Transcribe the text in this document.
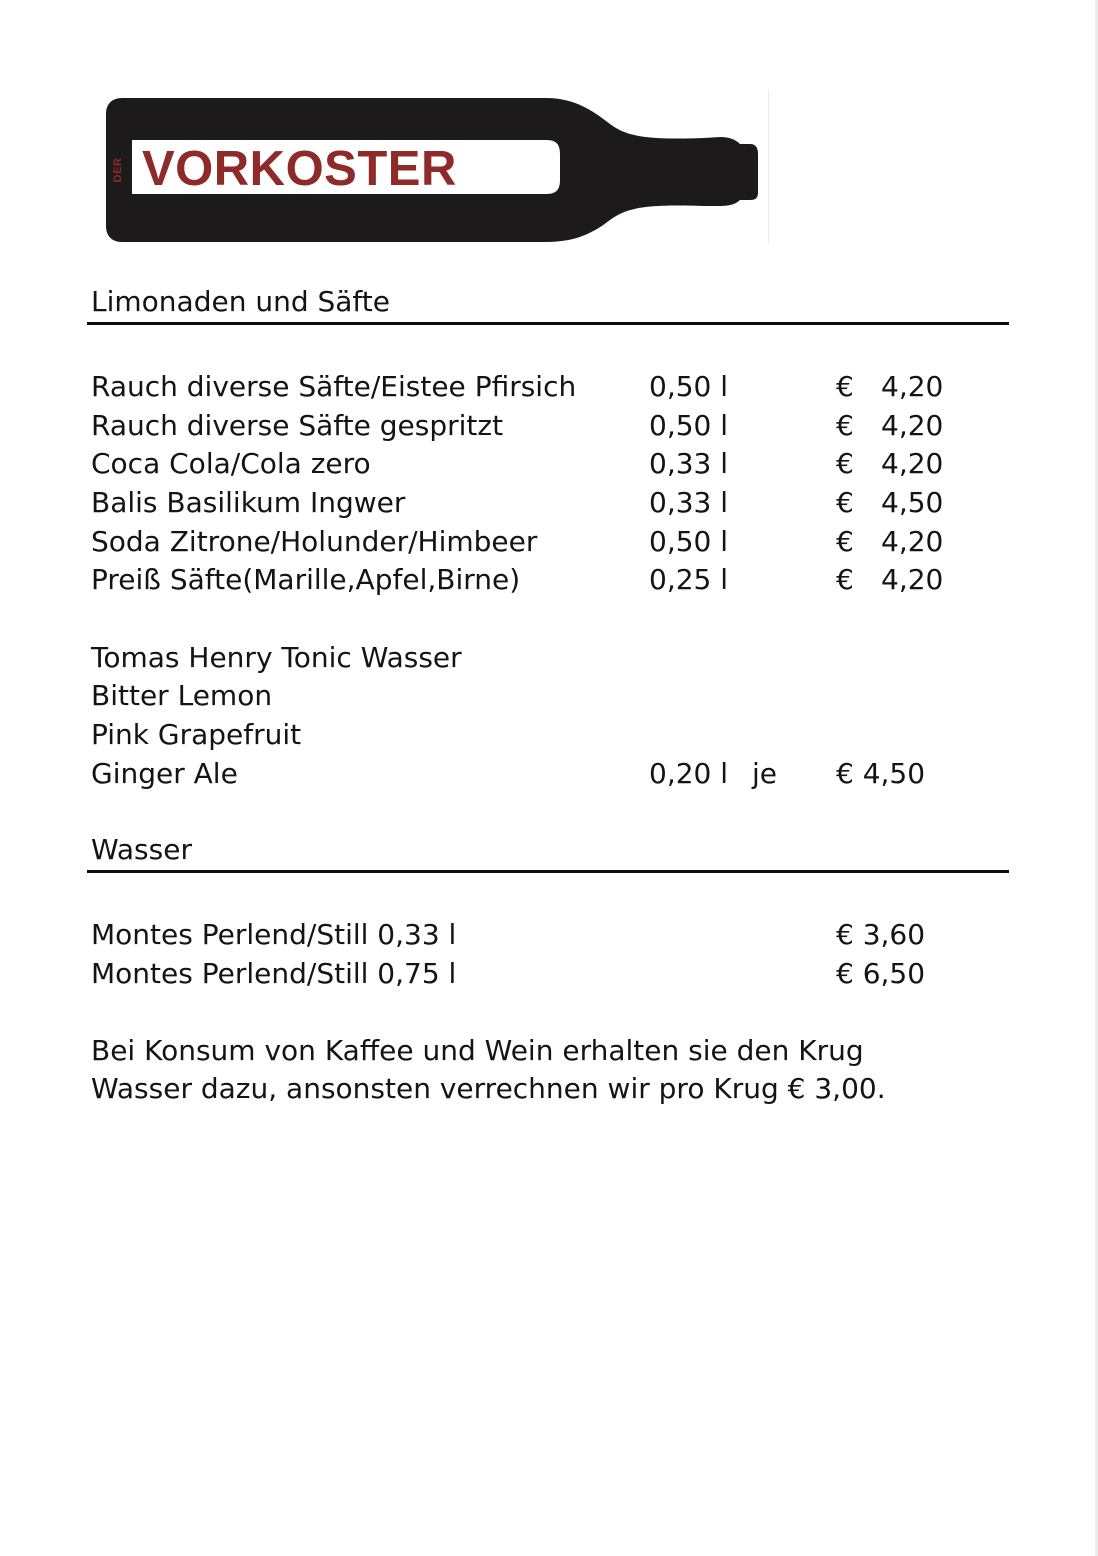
DER VORKOSTER
Limonaden und Säfte
Rauch diverse Säfte/Eistee Pfirsich	0,50 l	€ 4,20
Rauch diverse Säfte gespritzt	0,50 l	€ 4,20
Coca Cola/Cola zero	0,33 l	€ 4,20
Balis Basilikum Ingwer	0,33 l	€ 4,50
Soda Zitrone/Holunder/Himbeer	0,50 l	€ 4,20
Preiß Säfte(Marille,Apfel,Birne)	0,25 l	€ 4,20
Tomas Henry Tonic Wasser
Bitter Lemon
Pink Grapefruit
Ginger Ale	0,20 l je € 4,50
Wasser
Montes Perlend/Still 0,33 l	€ 3,60
Montes Perlend/Still 0,75 l	€ 6,50
Bei Konsum von Kaffee und Wein erhalten sie den Krug
Wasser dazu, ansonsten verrechnen wir pro Krug € 3,00.
